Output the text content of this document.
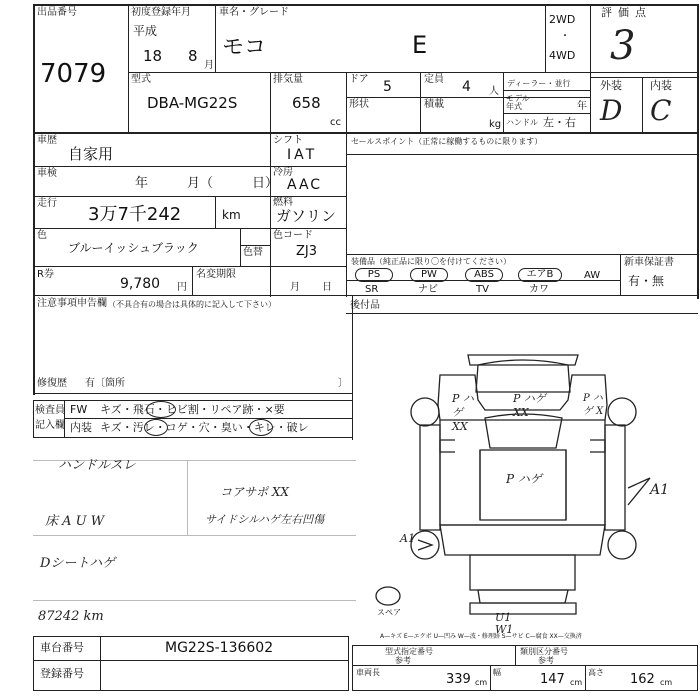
出品番号
7079
初度登録年月
平成
18 8
月
車名・グレード
モコ	E
2WD
・
4WD
評価点
3
外装	内装
D C
型式
DBA-MG22S
排気量
658
cc
ドア 5	定員 4 人
ディーラー・並行
形状	積載
kg
モデル年式	年
ハンドル 左・右
車歴
自家用
シフト
IAT
セールスポイント（正常に稼働するものに限ります）
車検
年	月（	日）
冷房
AAC
走行
3万7千242	km
燃料
ガソリン
色
ブルーイッシュブラック	色替
色コード
ZJ3
装備品（純正品に限り〇を付けてください）	新車保証書
有・無
PS	PW	ABS	エアB	AW
SR	ナビ	TV	カワ
R券
9,780 円
名変期限
月 日
注意事項申告欄 （不具合有の場合は具体的に記入して下さい）	後付品
修復歴 有〔箇所	〕
検査員
記入欄
FW キズ・飛石・ヒビ割・リペア跡・×要
内装 キズ・汚レ・コゲ・穴・臭い・キレ・破レ
ハンドルスレ
床 A U W
Dシートハゲ
87242 km
コアサポ XX
サイドシルハゲ左右凹傷
P ハゲ XX
P ハゲ XX
P ハゲ X
P ハゲ
A1
A1
U1 W1
スペア
A—キズ E—エクボ U—凹み W—波・修理跡 S—サビ C—腐食 XX—交換済
車台番号	MG22S-136602
登録番号
型式指定番号
参考
類別区分番号
参考
車両長	339 cm
幅	147 cm
高さ 162 cm
